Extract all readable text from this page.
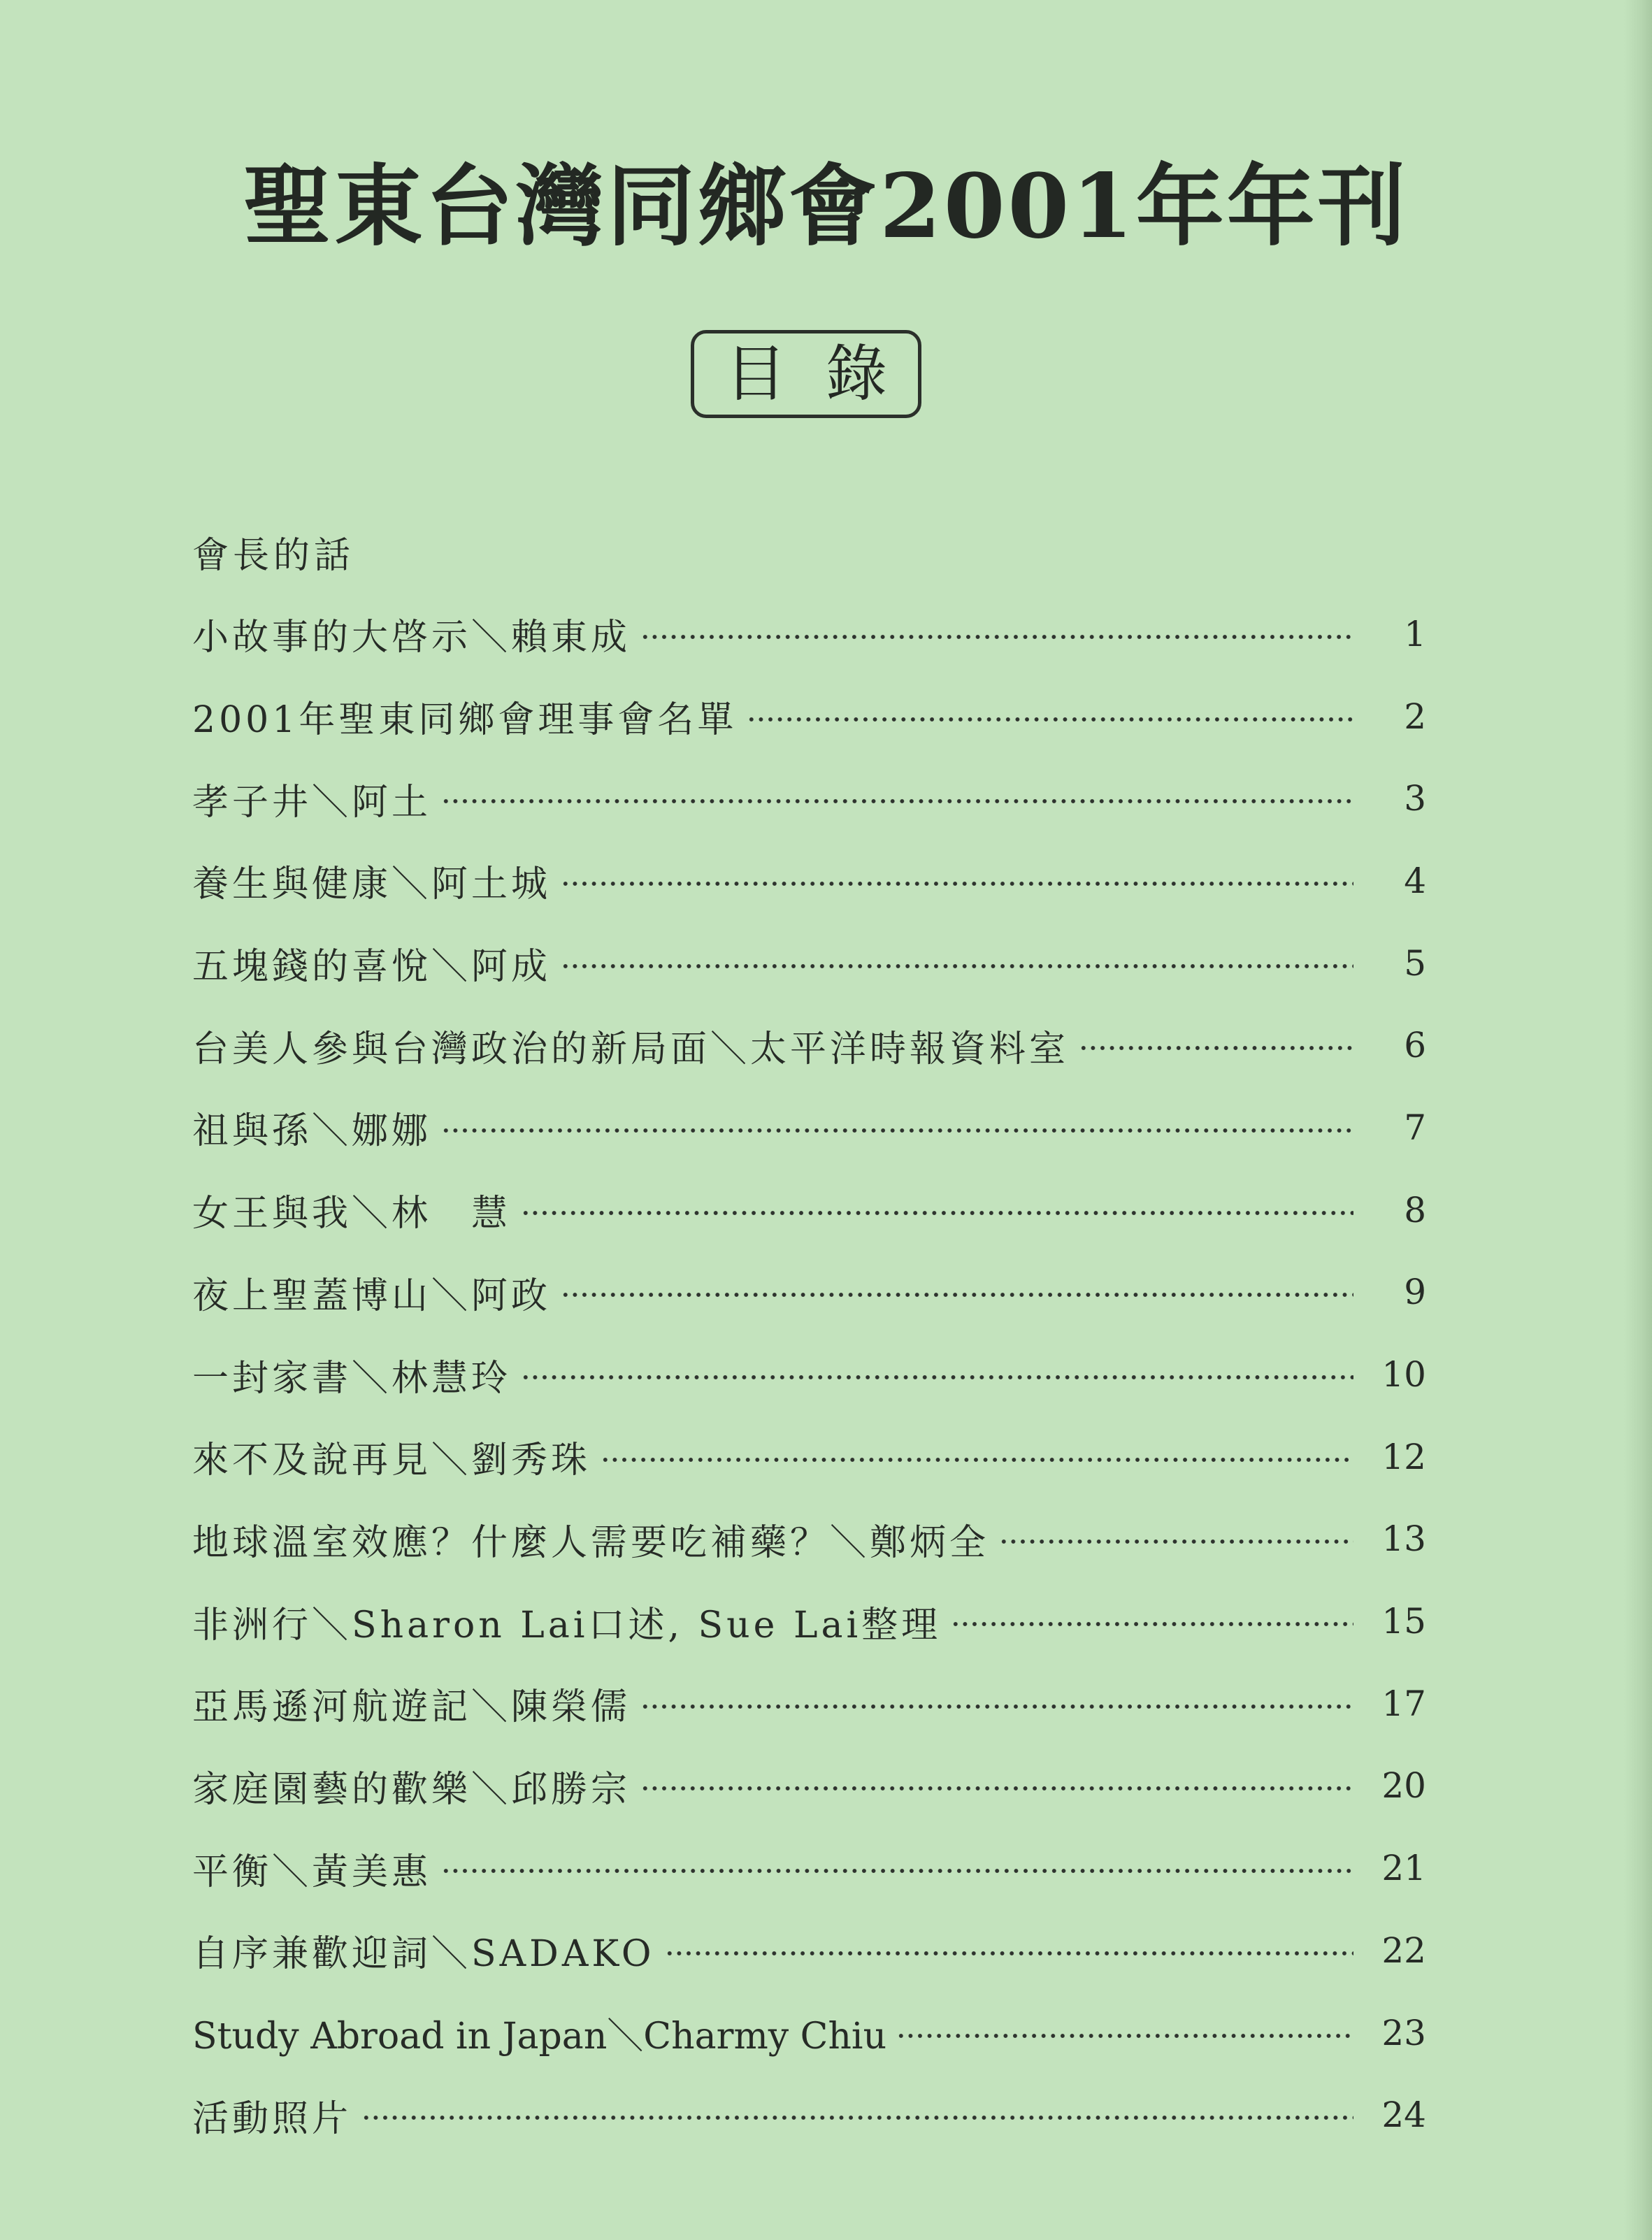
聖東台灣同鄉會2001年年刊
目錄
會長的話
小故事的大啓示＼賴東成	1
2001年聖東同鄉會理事會名單	2
孝子井＼阿土	3
養生與健康＼阿土城	4
五塊錢的喜悅＼阿成	5
台美人參與台灣政治的新局面＼太平洋時報資料室	6
祖與孫＼娜娜	7
女王與我＼林　慧	8
夜上聖蓋博山＼阿政	9
一封家書＼林慧玲	10
來不及說再見＼劉秀珠	12
地球溫室效應？什麼人需要吃補藥？＼鄭炳全	13
非洲行＼Sharon Lai口述, Sue Lai整理	15
亞馬遜河航遊記＼陳榮儒	17
家庭園藝的歡樂＼邱勝宗	20
平衡＼黃美惠	21
自序兼歡迎詞＼SADAKO	22
Study Abroad in Japan＼Charmy Chiu	23
活動照片	24
